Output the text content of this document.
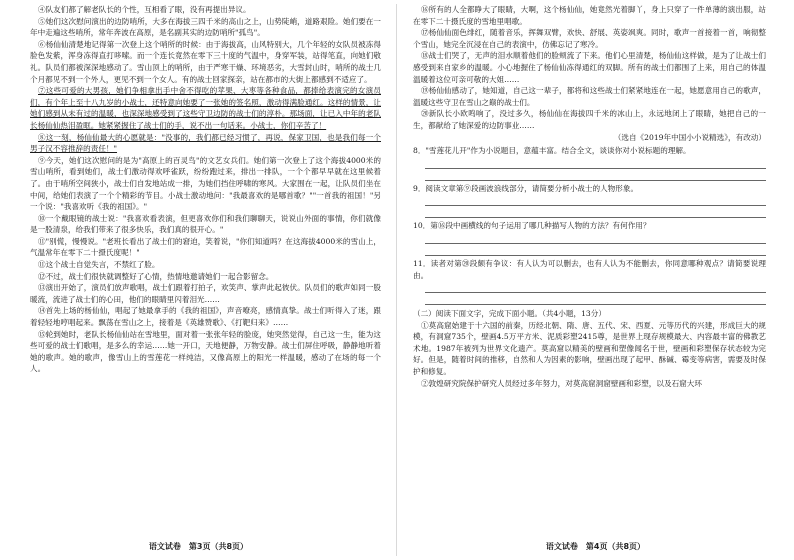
④队友们都了解老队长的个性，互相看了眼，没有再提出异议。

⑤她们这次慰问演出的边防哨所，大多在海拔三四千米的高山之上，山势陡峭，道路艰险。她们要在一年中走遍这些哨所，常年奔波在高原，是名副其实的边防哨所"孤鸟"。

⑥杨仙仙清楚地记得第一次登上这个哨所的时候：由于海拔高，山风特别大，几个年轻的女队员被冻得脸色发紫，浑身冻得直打哆嗦。而一个连长竟然在零下三十度的气温中，身穿军装，站得笔直，向她们敬礼。队员们都被深深地感动了。雪山顶上的哨所，由于严寒干燥、环境恶劣，大雪封山时，哨所的战士几个月都见不到一个外人，更见不到一个女人。有的战士回家探亲，站在都市的大街上都感到不适应了。

⑦这些可爱的大男孩，她们争相拿出手中舍不得吃的苹果、大枣等各种食品，都捧给表演完的女演员们，有个年上至十八九岁的小战士，还特意向她要了一张她的签名照，激动得满脸通红。这样的情景，让她们感到从未有过的温暖，也深深地感受到了这些守卫边防的战士们的淳朴。那场面，让已入中年的老队长杨仙仙热泪盈眶。她紧紧握住了战士们的手，说不出一句话来。小战士，你们辛苦了！

⑧这一刻，杨仙仙最大的心愿就是："没事的，我们都已经习惯了，再说，保家卫国，也是我们每一个男子汉不容推辞的责任！"

⑨今天，她们这次慰问的是为"高原上的百灵鸟"的文艺女兵们。她们第一次登上了这个海拔4000米的雪山哨所，看到她们，战士们激动得欢呼雀跃，纷纷跑过来，排出一排队，一个个都早早就在这里候着了。由于哨所空间狭小，战士们自发地站成一排，为她们挡住呼啸的寒风。大家围在一起，让队员们坐在中间，给她们表演了一个个精彩的节目。小战士激动地问："我最喜欢的是哪首歌？""一首我的祖国！"另一个说："我喜欢听《我的祖国》。"

⑩一个戴眼镜的战士说："我喜欢看表演，但更喜欢你们和我们聊聊天，说说山外面的事情，你们就像是一股清泉，给我们带来了很多快乐，我们真的很开心。"

⑪"别慌，慢慢说。"老班长看出了战士们的窘迫，笑着说，"你们知道吗？在这海拔4000米的雪山上，气温常年在零下二十摄氏度呢！"

⑪这个战士自觉失言，不禁红了脸。

⑫不过，战士们很快就调整好了心情，热情地邀请她们一起合影留念。

⑬演出开始了，演员们放声歌唱，战士们跟着打拍子，欢笑声、掌声此起彼伏。队员们的歌声如同一股暖流，流进了战士们的心田，他们的眼睛里闪着泪光……

⑭首先上场的杨仙仙，唱起了她最拿手的《我的祖国》，声音嘹亮，感情真挚。战士们听得入了迷，跟着轻轻地哼唱起来。飘荡在雪山之上，接着是《英雄赞歌》、《打靶归来》……

⑮轮到她时，老队长杨仙仙站在雪地里，面对着一张张年轻的脸庞，她突然觉得，自己这一生，能为这些可爱的战士们歌唱，是多么的幸运……她一开口，天地便静，万物安静。战士们屏住呼吸，静静地听着她的歌声。她的歌声，像雪山上的雪莲花一样纯洁，又像高原上的阳光一样温暖，感动了在场的每一个人。

语文试卷　第3页（共8页）

⑯所有的人全都睁大了眼睛，大啊，这个杨仙仙，她竟然光着脚丫，身上只穿了一件单薄的演出服，站在零下二十摄氏度的雪地里唱歌。

⑰杨仙仙面色绯红，随着音乐，挥舞双臂，欢快、舒展、英姿飒爽。同时，歌声一首接着一首，响彻整个雪山，她完全沉浸在自己的表演中，仿佛忘记了寒冷。

⑱战士们哭了，无声的泪水顺着他们的脸颊流了下来。他们心里清楚，杨仙仙这样做，是为了让战士们感受到来自家乡的温暖。小心地握住了杨仙仙冻得通红的双脚。所有的战士们都围了上来，用自己的体温温暖着这位可亲可敬的大姐……

⑲杨仙仙感动了，她知道，自己这一辈子，都将和这些战士们紧紧地连在一起，她愿意用自己的歌声，温暖这些守卫在雪山之巅的战士们。

⑳新队长小欧鸣响了，没过多久，杨仙仙在海拔四千米的冰山上，永远地闭上了眼睛，她把自己的一生，都献给了她深爱的边防事业……

　　　　　　　　　　　　（选自《2019年中国小小说精选》，有改动）

8．"雪莲花儿开"作为小说题目，意蕴丰富。结合全文，谈谈你对小说标题的理解。

9．阅读文章第⑨段画波浪线部分，请简要分析小战士的人物形象。

10．第⑯段中画横线的句子运用了哪几种描写人物的方法？有何作用？

11．读者对第⑳段颇有争议：有人认为可以删去，也有人认为不能删去，你同意哪种观点？请简要说理由。

（二）阅读下面文字，完成下面小题。（共4小题，13分）

①莫高窟始建于十六国的前秦，历经北朝、隋、唐、五代、宋、西夏、元等历代的兴建，形成巨大的规模，有洞窟735个，壁画4.5万平方米、泥质彩塑2415尊，是世界上现存规模最大、内容最丰富的佛教艺术地。1987年被列为世界文化遗产。莫高窟以精美的壁画和塑像闻名于世，壁画和彩塑保存状态较为完好。但是，随着时间的推移，自然和人为因素的影响，壁画出现了起甲、酥碱、霉变等病害，需要及时保护和修复。

②敦煌研究院保护研究人员经过多年努力，对莫高窟洞窟壁画和彩塑，以及石窟大环

语文试卷　第4页（共8页）
